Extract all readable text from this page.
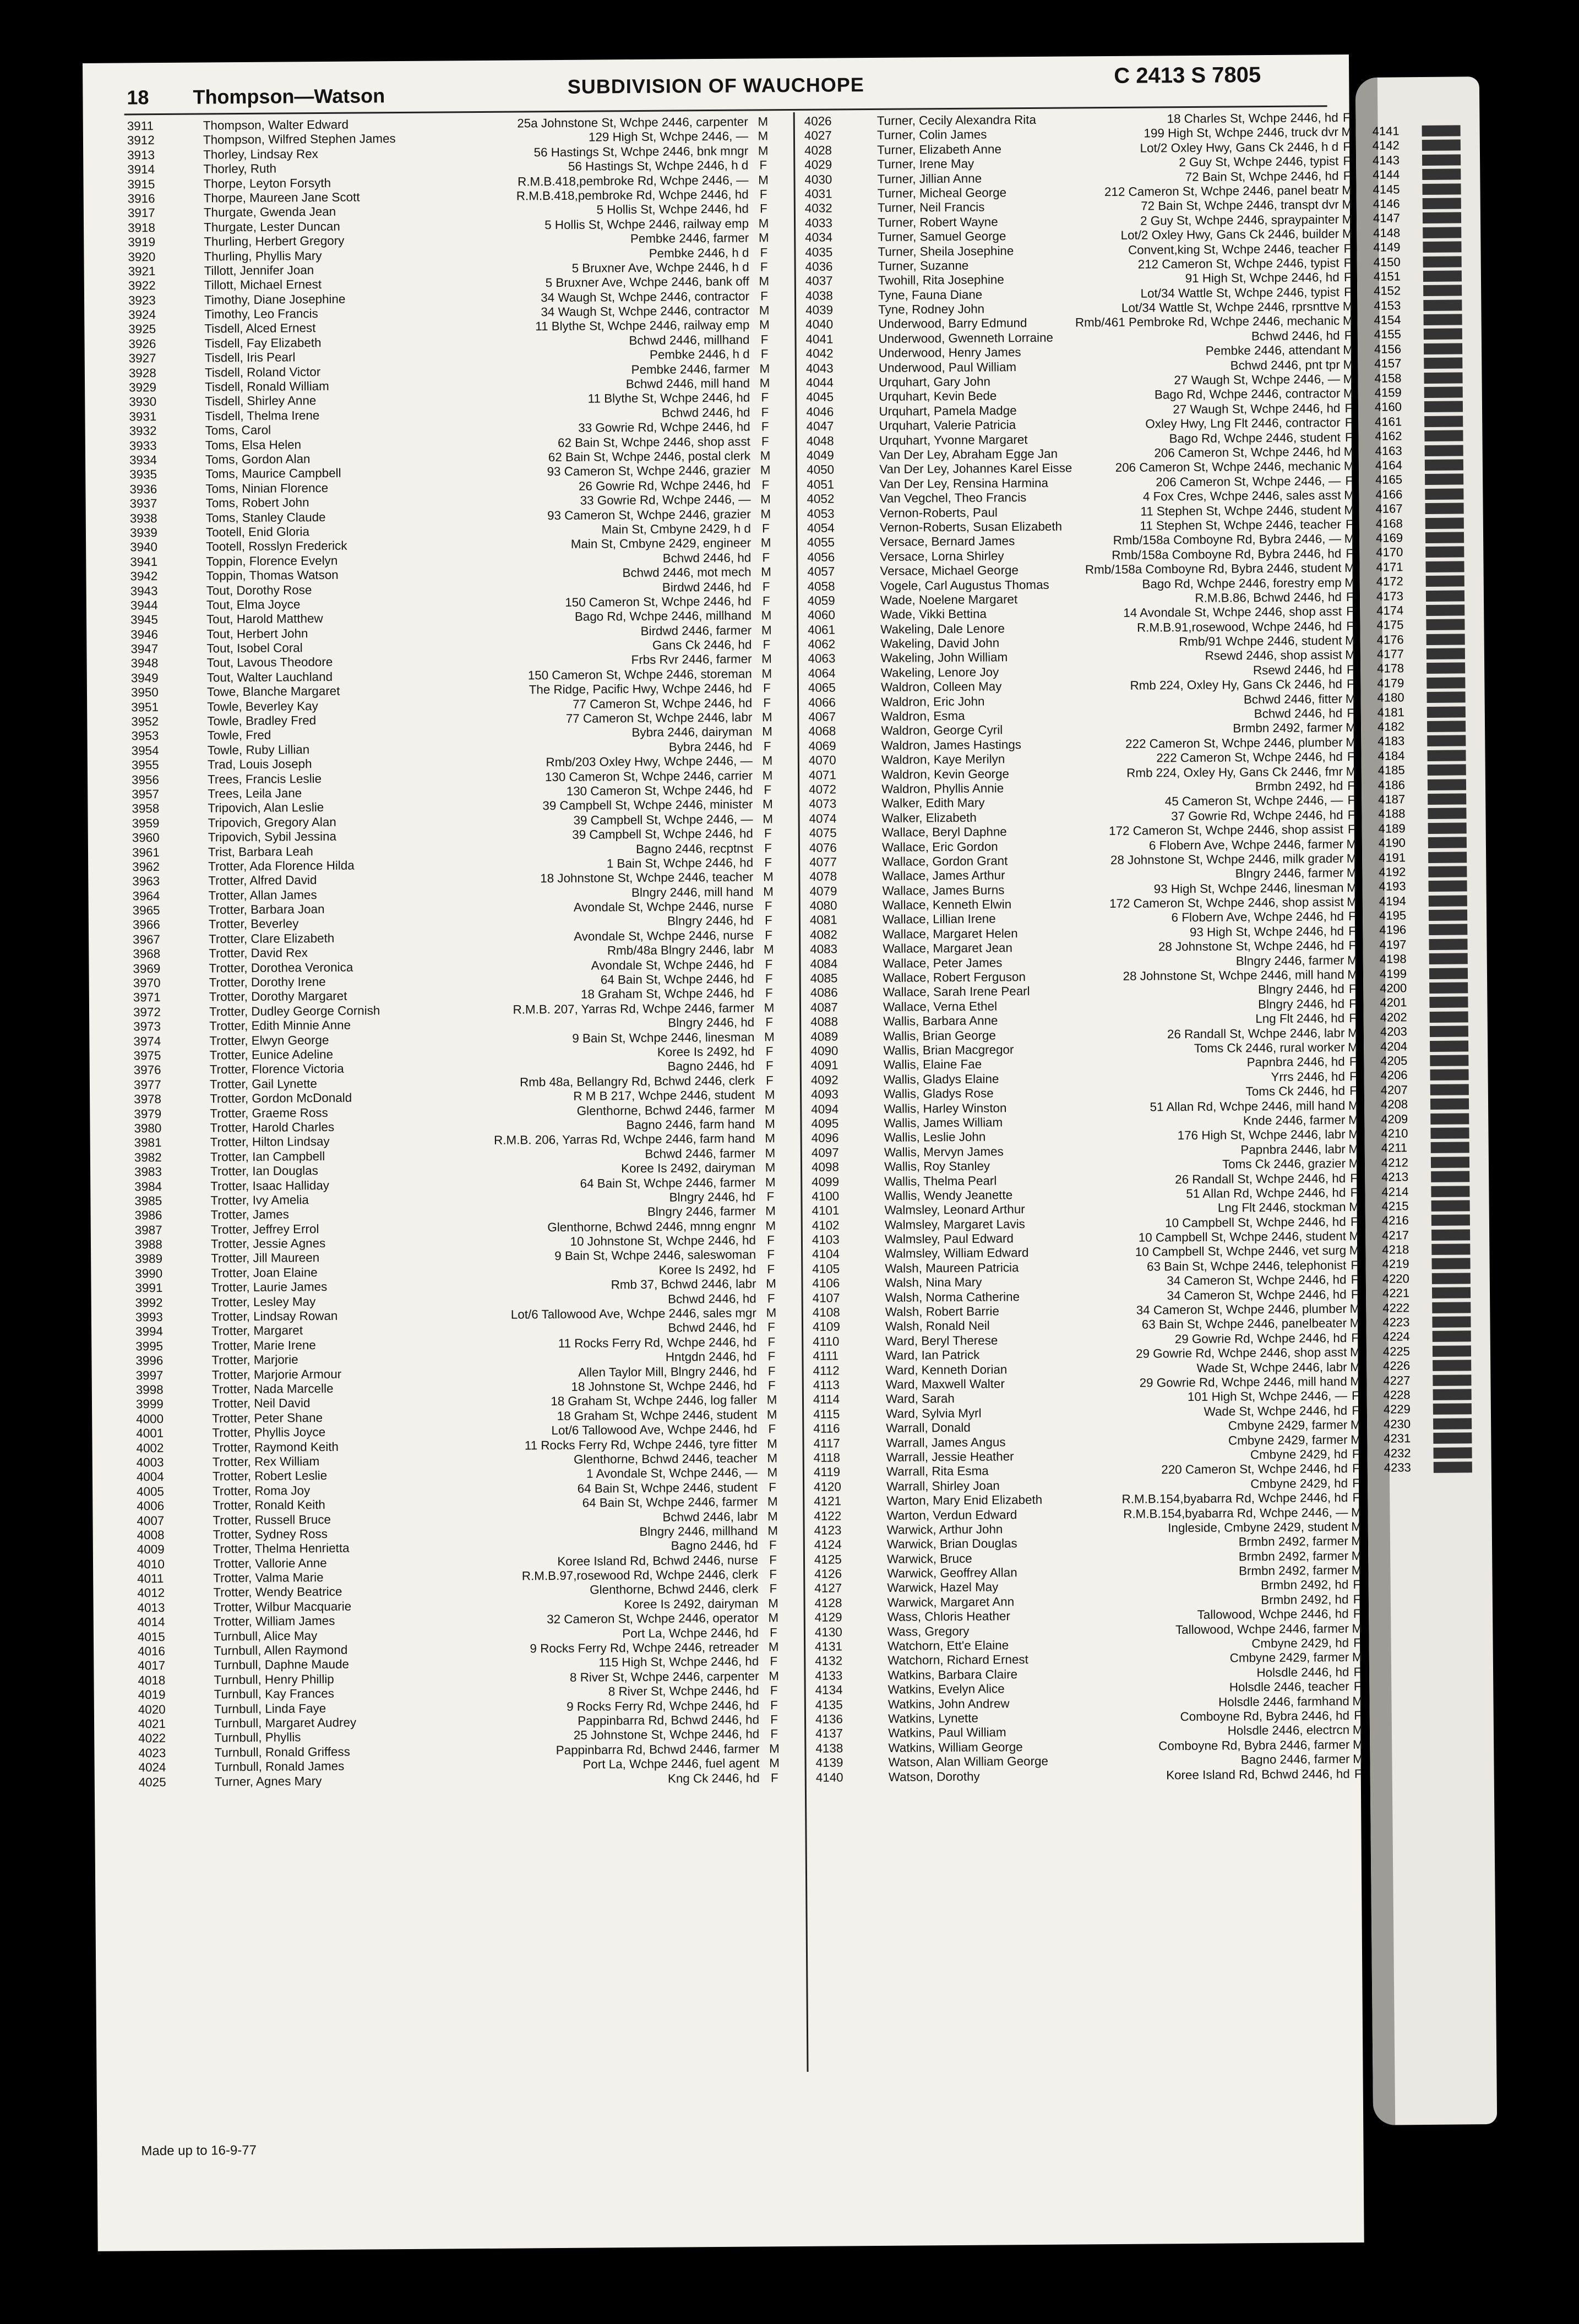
18 Thompson—Watson	SUBDIVISION OF WAUCHOPE	C 2413 S 7805
3911	Thompson, Walter Edward	25a Johnstone St, Wchpe 2446, carpenter M
3912	Thompson, Wilfred Stephen James	129 High St, Wchpe 2446, — M
3913	Thorley, Lindsay Rex	56 Hastings St, Wchpe 2446, bnk mngr M
3914	Thorley, Ruth	56 Hastings St, Wchpe 2446, h d F
3915	Thorpe, Leyton Forsyth	R.M.B.418,pembroke Rd, Wchpe 2446, — M
3916	Thorpe, Maureen Jane Scott	R.M.B.418,pembroke Rd, Wchpe 2446, hd F
3917	Thurgate, Gwenda Jean	5 Hollis St, Wchpe 2446, hd F
3918	Thurgate, Lester Duncan	5 Hollis St, Wchpe 2446, railway emp M
3919	Thurling, Herbert Gregory	Pembke 2446, farmer M
3920	Thurling, Phyllis Mary	Pembke 2446, h d F
3921	Tillott, Jennifer Joan	5 Bruxner Ave, Wchpe 2446, h d F
3922	Tillott, Michael Ernest	5 Bruxner Ave, Wchpe 2446, bank off M
3923	Timothy, Diane Josephine	34 Waugh St, Wchpe 2446, contractor F
3924	Timothy, Leo Francis	34 Waugh St, Wchpe 2446, contractor M
3925	Tisdell, Alced Ernest	11 Blythe St, Wchpe 2446, railway emp M
3926	Tisdell, Fay Elizabeth	Bchwd 2446, millhand F
3927	Tisdell, Iris Pearl	Pembke 2446, h d F
3928	Tisdell, Roland Victor	Pembke 2446, farmer M
3929	Tisdell, Ronald William	Bchwd 2446, mill hand M
3930	Tisdell, Shirley Anne	11 Blythe St, Wchpe 2446, hd F
3931	Tisdell, Thelma Irene	Bchwd 2446, hd F
3932	Toms, Carol	33 Gowrie Rd, Wchpe 2446, hd F
3933	Toms, Elsa Helen	62 Bain St, Wchpe 2446, shop asst F
3934	Toms, Gordon Alan	62 Bain St, Wchpe 2446, postal clerk M
3935	Toms, Maurice Campbell	93 Cameron St, Wchpe 2446, grazier M
3936	Toms, Ninian Florence	26 Gowrie Rd, Wchpe 2446, hd F
3937	Toms, Robert John	33 Gowrie Rd, Wchpe 2446, — M
3938	Toms, Stanley Claude	93 Cameron St, Wchpe 2446, grazier M
3939	Tootell, Enid Gloria	Main St, Cmbyne 2429, h d F
3940	Tootell, Rosslyn Frederick	Main St, Cmbyne 2429, engineer M
3941	Toppin, Florence Evelyn	Bchwd 2446, hd F
3942	Toppin, Thomas Watson	Bchwd 2446, mot mech M
3943	Tout, Dorothy Rose	Birdwd 2446, hd F
3944	Tout, Elma Joyce	150 Cameron St, Wchpe 2446, hd F
3945	Tout, Harold Matthew	Bago Rd, Wchpe 2446, millhand M
3946	Tout, Herbert John	Birdwd 2446, farmer M
3947	Tout, Isobel Coral	Gans Ck 2446, hd F
3948	Tout, Lavous Theodore	Frbs Rvr 2446, farmer M
3949	Tout, Walter Lauchland	150 Cameron St, Wchpe 2446, storeman M
3950	Towe, Blanche Margaret	The Ridge, Pacific Hwy, Wchpe 2446, hd F
3951	Towle, Beverley Kay	77 Cameron St, Wchpe 2446, hd F
3952	Towle, Bradley Fred	77 Cameron St, Wchpe 2446, labr M
3953	Towle, Fred	Bybra 2446, dairyman M
3954	Towle, Ruby Lillian	Bybra 2446, hd F
3955	Trad, Louis Joseph	Rmb/203 Oxley Hwy, Wchpe 2446, — M
3956	Trees, Francis Leslie	130 Cameron St, Wchpe 2446, carrier M
3957	Trees, Leila Jane	130 Cameron St, Wchpe 2446, hd F
3958	Tripovich, Alan Leslie	39 Campbell St, Wchpe 2446, minister M
3959	Tripovich, Gregory Alan	39 Campbell St, Wchpe 2446, — M
3960	Tripovich, Sybil Jessina	39 Campbell St, Wchpe 2446, hd F
3961	Trist, Barbara Leah	Bagno 2446, recptnst F
3962	Trotter, Ada Florence Hilda	1 Bain St, Wchpe 2446, hd F
3963	Trotter, Alfred David	18 Johnstone St, Wchpe 2446, teacher M
3964	Trotter, Allan James	Blngry 2446, mill hand M
3965	Trotter, Barbara Joan	Avondale St, Wchpe 2446, nurse F
3966	Trotter, Beverley	Blngry 2446, hd F
3967	Trotter, Clare Elizabeth	Avondale St, Wchpe 2446, nurse F
3968	Trotter, David Rex	Rmb/48a Blngry 2446, labr M
3969	Trotter, Dorothea Veronica	Avondale St, Wchpe 2446, hd F
3970	Trotter, Dorothy Irene	64 Bain St, Wchpe 2446, hd F
3971	Trotter, Dorothy Margaret	18 Graham St, Wchpe 2446, hd F
3972	Trotter, Dudley George Cornish	R.M.B. 207, Yarras Rd, Wchpe 2446, farmer M
3973	Trotter, Edith Minnie Anne	Blngry 2446, hd F
3974	Trotter, Elwyn George	9 Bain St, Wchpe 2446, linesman M
3975	Trotter, Eunice Adeline	Koree Is 2492, hd F
3976	Trotter, Florence Victoria	Bagno 2446, hd F
3977	Trotter, Gail Lynette	Rmb 48a, Bellangry Rd, Bchwd 2446, clerk F
3978	Trotter, Gordon McDonald	R M B 217, Wchpe 2446, student M
3979	Trotter, Graeme Ross	Glenthorne, Bchwd 2446, farmer M
3980	Trotter, Harold Charles	Bagno 2446, farm hand M
3981	Trotter, Hilton Lindsay	R.M.B. 206, Yarras Rd, Wchpe 2446, farm hand M
3982	Trotter, Ian Campbell	Bchwd 2446, farmer M
3983	Trotter, Ian Douglas	Koree Is 2492, dairyman M
3984	Trotter, Isaac Halliday	64 Bain St, Wchpe 2446, farmer M
3985	Trotter, Ivy Amelia	Blngry 2446, hd F
3986	Trotter, James	Blngry 2446, farmer M
3987	Trotter, Jeffrey Errol	Glenthorne, Bchwd 2446, mnng engnr M
3988	Trotter, Jessie Agnes	10 Johnstone St, Wchpe 2446, hd F
3989	Trotter, Jill Maureen	9 Bain St, Wchpe 2446, saleswoman F
3990	Trotter, Joan Elaine	Koree Is 2492, hd F
3991	Trotter, Laurie James	Rmb 37, Bchwd 2446, labr M
3992	Trotter, Lesley May	Bchwd 2446, hd F
3993	Trotter, Lindsay Rowan	Lot/6 Tallowood Ave, Wchpe 2446, sales mgr M
3994	Trotter, Margaret	Bchwd 2446, hd F
3995	Trotter, Marie Irene	11 Rocks Ferry Rd, Wchpe 2446, hd F
3996	Trotter, Marjorie	Hntgdn 2446, hd F
3997	Trotter, Marjorie Armour	Allen Taylor Mill, Blngry 2446, hd F
3998	Trotter, Nada Marcelle	18 Johnstone St, Wchpe 2446, hd F
3999	Trotter, Neil David	18 Graham St, Wchpe 2446, log faller M
4000	Trotter, Peter Shane	18 Graham St, Wchpe 2446, student M
4001	Trotter, Phyllis Joyce	Lot/6 Tallowood Ave, Wchpe 2446, hd F
4002	Trotter, Raymond Keith	11 Rocks Ferry Rd, Wchpe 2446, tyre fitter M
4003	Trotter, Rex William	Glenthorne, Bchwd 2446, teacher M
4004	Trotter, Robert Leslie	1 Avondale St, Wchpe 2446, — M
4005	Trotter, Roma Joy	64 Bain St, Wchpe 2446, student F
4006	Trotter, Ronald Keith	64 Bain St, Wchpe 2446, farmer M
4007	Trotter, Russell Bruce	Bchwd 2446, labr M
4008	Trotter, Sydney Ross	Blngry 2446, millhand M
4009	Trotter, Thelma Henrietta	Bagno 2446, hd F
4010	Trotter, Vallorie Anne	Koree Island Rd, Bchwd 2446, nurse F
4011	Trotter, Valma Marie	R.M.B.97,rosewood Rd, Wchpe 2446, clerk F
4012	Trotter, Wendy Beatrice	Glenthorne, Bchwd 2446, clerk F
4013	Trotter, Wilbur Macquarie	Koree Is 2492, dairyman M
4014	Trotter, William James	32 Cameron St, Wchpe 2446, operator M
4015	Turnbull, Alice May	Port La, Wchpe 2446, hd F
4016	Turnbull, Allen Raymond	9 Rocks Ferry Rd, Wchpe 2446, retreader M
4017	Turnbull, Daphne Maude	115 High St, Wchpe 2446, hd F
4018	Turnbull, Henry Phillip	8 River St, Wchpe 2446, carpenter M
4019	Turnbull, Kay Frances	8 River St, Wchpe 2446, hd F
4020	Turnbull, Linda Faye	9 Rocks Ferry Rd, Wchpe 2446, hd F
4021	Turnbull, Margaret Audrey	Pappinbarra Rd, Bchwd 2446, hd F
4022	Turnbull, Phyllis	25 Johnstone St, Wchpe 2446, hd F
4023	Turnbull, Ronald Griffess	Pappinbarra Rd, Bchwd 2446, farmer M
4024	Turnbull, Ronald James	Port La, Wchpe 2446, fuel agent M
4025	Turner, Agnes Mary	Kng Ck 2446, hd F
4026	Turner, Cecily Alexandra Rita	18 Charles St, Wchpe 2446, hd F
4027	Turner, Colin James	199 High St, Wchpe 2446, truck dvr M
4028	Turner, Elizabeth Anne	Lot/2 Oxley Hwy, Gans Ck 2446, h d F
4029	Turner, Irene May	2 Guy St, Wchpe 2446, typist F
4030	Turner, Jillian Anne	72 Bain St, Wchpe 2446, hd F
4031	Turner, Micheal George	212 Cameron St, Wchpe 2446, panel beatr M
4032	Turner, Neil Francis	72 Bain St, Wchpe 2446, transpt dvr M
4033	Turner, Robert Wayne	2 Guy St, Wchpe 2446, spraypainter M
4034	Turner, Samuel George	Lot/2 Oxley Hwy, Gans Ck 2446, builder M
4035	Turner, Sheila Josephine	Convent,king St, Wchpe 2446, teacher F
4036	Turner, Suzanne	212 Cameron St, Wchpe 2446, typist F
4037	Twohill, Rita Josephine	91 High St, Wchpe 2446, hd F
4038	Tyne, Fauna Diane	Lot/34 Wattle St, Wchpe 2446, typist F
4039	Tyne, Rodney John	Lot/34 Wattle St, Wchpe 2446, rprsnttve M
4040	Underwood, Barry Edmund	Rmb/461 Pembroke Rd, Wchpe 2446, mechanic M
4041	Underwood, Gwenneth Lorraine	Bchwd 2446, hd F
4042	Underwood, Henry James	Pembke 2446, attendant M
4043	Underwood, Paul William	Bchwd 2446, pnt tpr M
4044	Urquhart, Gary John	27 Waugh St, Wchpe 2446, — M
4045	Urquhart, Kevin Bede	Bago Rd, Wchpe 2446, contractor M
4046	Urquhart, Pamela Madge	27 Waugh St, Wchpe 2446, hd F
4047	Urquhart, Valerie Patricia	Oxley Hwy, Lng Flt 2446, contractor F
4048	Urquhart, Yvonne Margaret	Bago Rd, Wchpe 2446, student F
4049	Van Der Ley, Abraham Egge Jan	206 Cameron St, Wchpe 2446, hd M
4050	Van Der Ley, Johannes Karel Eisse	206 Cameron St, Wchpe 2446, mechanic M
4051	Van Der Ley, Rensina Harmina	206 Cameron St, Wchpe 2446, — F
4052	Van Vegchel, Theo Francis	4 Fox Cres, Wchpe 2446, sales asst M
4053	Vernon-Roberts, Paul	11 Stephen St, Wchpe 2446, student M
4054	Vernon-Roberts, Susan Elizabeth	11 Stephen St, Wchpe 2446, teacher F
4055	Versace, Bernard James	Rmb/158a Comboyne Rd, Bybra 2446, — M
4056	Versace, Lorna Shirley	Rmb/158a Comboyne Rd, Bybra 2446, hd F
4057	Versace, Michael George	Rmb/158a Comboyne Rd, Bybra 2446, student M
4058	Vogele, Carl Augustus Thomas	Bago Rd, Wchpe 2446, forestry emp M
4059	Wade, Noelene Margaret	R.M.B.86, Bchwd 2446, hd F
4060	Wade, Vikki Bettina	14 Avondale St, Wchpe 2446, shop asst F
4061	Wakeling, Dale Lenore	R.M.B.91,rosewood, Wchpe 2446, hd F
4062	Wakeling, David John	Rmb/91 Wchpe 2446, student M
4063	Wakeling, John William	Rsewd 2446, shop assist M
4064	Wakeling, Lenore Joy	Rsewd 2446, hd F
4065	Waldron, Colleen May	Rmb 224, Oxley Hy, Gans Ck 2446, hd F
4066	Waldron, Eric John	Bchwd 2446, fitter M
4067	Waldron, Esma	Bchwd 2446, hd F
4068	Waldron, George Cyril	Brmbn 2492, farmer M
4069	Waldron, James Hastings	222 Cameron St, Wchpe 2446, plumber M
4070	Waldron, Kaye Merilyn	222 Cameron St, Wchpe 2446, hd F
4071	Waldron, Kevin George	Rmb 224, Oxley Hy, Gans Ck 2446, fmr M
4072	Waldron, Phyllis Annie	Brmbn 2492, hd F
4073	Walker, Edith Mary	45 Cameron St, Wchpe 2446, — F
4074	Walker, Elizabeth	37 Gowrie Rd, Wchpe 2446, hd F
4075	Wallace, Beryl Daphne	172 Cameron St, Wchpe 2446, shop assist F
4076	Wallace, Eric Gordon	6 Flobern Ave, Wchpe 2446, farmer M
4077	Wallace, Gordon Grant	28 Johnstone St, Wchpe 2446, milk grader M
4078	Wallace, James Arthur	Blngry 2446, farmer M
4079	Wallace, James Burns	93 High St, Wchpe 2446, linesman M
4080	Wallace, Kenneth Elwin	172 Cameron St, Wchpe 2446, shop assist M
4081	Wallace, Lillian Irene	6 Flobern Ave, Wchpe 2446, hd F
4082	Wallace, Margaret Helen	93 High St, Wchpe 2446, hd F
4083	Wallace, Margaret Jean	28 Johnstone St, Wchpe 2446, hd F
4084	Wallace, Peter James	Blngry 2446, farmer M
4085	Wallace, Robert Ferguson	28 Johnstone St, Wchpe 2446, mill hand M
4086	Wallace, Sarah Irene Pearl	Blngry 2446, hd F
4087	Wallace, Verna Ethel	Blngry 2446, hd F
4088	Wallis, Barbara Anne	Lng Flt 2446, hd F
4089	Wallis, Brian George	26 Randall St, Wchpe 2446, labr M
4090	Wallis, Brian Macgregor	Toms Ck 2446, rural worker M
4091	Wallis, Elaine Fae	Papnbra 2446, hd F
4092	Wallis, Gladys Elaine	Yrrs 2446, hd F
4093	Wallis, Gladys Rose	Toms Ck 2446, hd F
4094	Wallis, Harley Winston	51 Allan Rd, Wchpe 2446, mill hand M
4095	Wallis, James William	Knde 2446, farmer M
4096	Wallis, Leslie John	176 High St, Wchpe 2446, labr M
4097	Wallis, Mervyn James	Papnbra 2446, labr M
4098	Wallis, Roy Stanley	Toms Ck 2446, grazier M
4099	Wallis, Thelma Pearl	26 Randall St, Wchpe 2446, hd F
4100	Wallis, Wendy Jeanette	51 Allan Rd, Wchpe 2446, hd F
4101	Walmsley, Leonard Arthur	Lng Flt 2446, stockman M
4102	Walmsley, Margaret Lavis	10 Campbell St, Wchpe 2446, hd F
4103	Walmsley, Paul Edward	10 Campbell St, Wchpe 2446, student M
4104	Walmsley, William Edward	10 Campbell St, Wchpe 2446, vet surg M
4105	Walsh, Maureen Patricia	63 Bain St, Wchpe 2446, telephonist F
4106	Walsh, Nina Mary	34 Cameron St, Wchpe 2446, hd F
4107	Walsh, Norma Catherine	34 Cameron St, Wchpe 2446, hd F
4108	Walsh, Robert Barrie	34 Cameron St, Wchpe 2446, plumber M
4109	Walsh, Ronald Neil	63 Bain St, Wchpe 2446, panelbeater M
4110	Ward, Beryl Therese	29 Gowrie Rd, Wchpe 2446, hd F
4111	Ward, Ian Patrick	29 Gowrie Rd, Wchpe 2446, shop asst M
4112	Ward, Kenneth Dorian	Wade St, Wchpe 2446, labr M
4113	Ward, Maxwell Walter	29 Gowrie Rd, Wchpe 2446, mill hand M
4114	Ward, Sarah	101 High St, Wchpe 2446, — F
4115	Ward, Sylvia Myrl	Wade St, Wchpe 2446, hd F
4116	Warrall, Donald	Cmbyne 2429, farmer M
4117	Warrall, James Angus	Cmbyne 2429, farmer M
4118	Warrall, Jessie Heather	Cmbyne 2429, hd F
4119	Warrall, Rita Esma	220 Cameron St, Wchpe 2446, hd F
4120	Warrall, Shirley Joan	Cmbyne 2429, hd F
4121	Warton, Mary Enid Elizabeth	R.M.B.154,byabarra Rd, Wchpe 2446, hd F
4122	Warton, Verdun Edward	R.M.B.154,byabarra Rd, Wchpe 2446, — M
4123	Warwick, Arthur John	Ingleside, Cmbyne 2429, student M
4124	Warwick, Brian Douglas	Brmbn 2492, farmer M
4125	Warwick, Bruce	Brmbn 2492, farmer M
4126	Warwick, Geoffrey Allan	Brmbn 2492, farmer M
4127	Warwick, Hazel May	Brmbn 2492, hd F
4128	Warwick, Margaret Ann	Brmbn 2492, hd F
4129	Wass, Chloris Heather	Tallowood, Wchpe 2446, hd F
4130	Wass, Gregory	Tallowood, Wchpe 2446, farmer M
4131	Watchorn, Ett'e Elaine	Cmbyne 2429, hd F
4132	Watchorn, Richard Ernest	Cmbyne 2429, farmer M
4133	Watkins, Barbara Claire	Holsdle 2446, hd F
4134	Watkins, Evelyn Alice	Holsdle 2446, teacher F
4135	Watkins, John Andrew	Holsdle 2446, farmhand M
4136	Watkins, Lynette	Comboyne Rd, Bybra 2446, hd F
4137	Watkins, Paul William	Holsdle 2446, electrcn M
4138	Watkins, William George	Comboyne Rd, Bybra 2446, farmer M
4139	Watson, Alan William George	Bagno 2446, farmer M
4140	Watson, Dorothy	Koree Island Rd, Bchwd 2446, hd F
Made up to 16-9-77
4141
4142
4143
4144
4145
4146
4147
4148
4149
4150
4151
4152
4153
4154
4155
4156
4157
4158
4159
4160
4161
4162
4163
4164
4165
4166
4167
4168
4169
4170
4171
4172
4173
4174
4175
4176
4177
4178
4179
4180
4181
4182
4183
4184
4185
4186
4187
4188
4189
4190
4191
4192
4193
4194
4195
4196
4197
4198
4199
4200
4201
4202
4203
4204
4205
4206
4207
4208
4209
4210
4211
4212
4213
4214
4215
4216
4217
4218
4219
4220
4221
4222
4223
4224
4225
4226
4227
4228
4229
4230
4231
4232
4233
